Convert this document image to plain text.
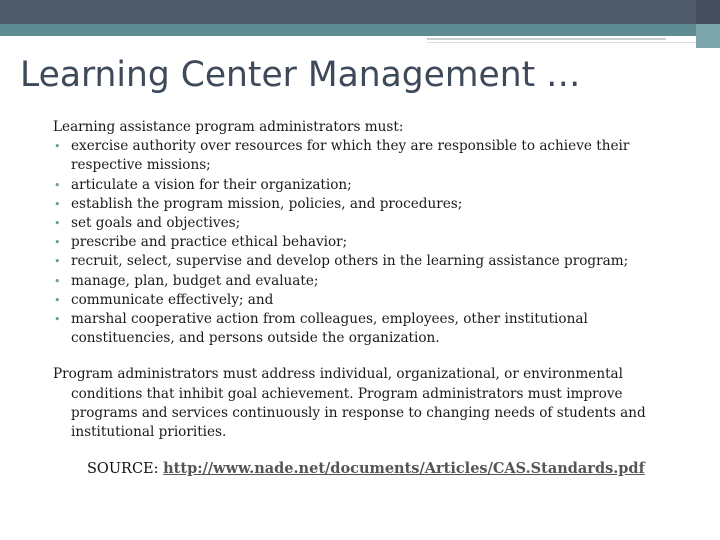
Learning Center Management …

Learning assistance program administrators must:

• exercise authority over resources for which they are responsible to achieve their respective missions;
• articulate a vision for their organization;
• establish the program mission, policies, and procedures;
• set goals and objectives;
• prescribe and practice ethical behavior;
• recruit, select, supervise and develop others in the learning assistance program;
• manage, plan, budget and evaluate;
• communicate effectively; and
• marshal cooperative action from colleagues, employees, other institutional constituencies, and persons outside the organization.

Program administrators must address individual, organizational, or environmental conditions that inhibit goal achievement. Program administrators must improve programs and services continuously in response to changing needs of students and institutional priorities.

SOURCE: http://www.nade.net/documents/Articles/CAS.Standards.pdf
